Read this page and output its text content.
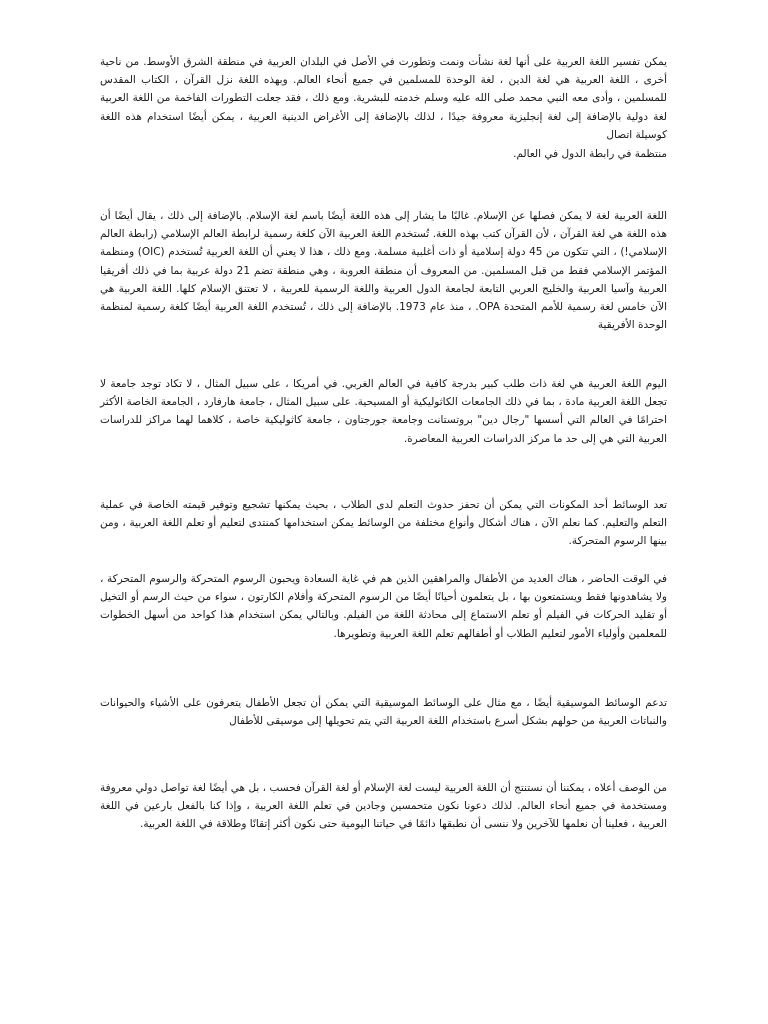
يمكن تفسير اللغة العربية على أنها لغة نشأت ونمت وتطورت في الأصل في البلدان العربية في منطقة الشرق الأوسط. من ناحية أخرى ، اللغة العربية هي لغة الدين ، لغة الوحدة للمسلمين في جميع أنحاء العالم. وبهذه اللغة نزل القرآن ، الكتاب المقدس للمسلمين ، وأدى معه النبي محمد صلى الله عليه وسلم خدمته للبشرية. ومع ذلك ، فقد جعلت التطورات الفاخمة من اللغة العربية لغة دولية بالإضافة إلى لغة إنجليزية معروفة جيدًا ، لذلك بالإضافة إلى الأغراض الدينية العربية ، يمكن أيضًا استخدام هذه اللغة كوسيلة اتصال

منتظمة في رابطة الدول في العالم.

اللغة العربية لغة لا يمكن فصلها عن الإسلام. غالبًا ما يشار إلى هذه اللغة أيضًا باسم لغة الإسلام. بالإضافة إلى ذلك ، يقال أيضًا أن هذه اللغة هي لغة القرآن ، لأن القرآن كتب بهذه اللغة. تُستخدم اللغة العربية الآن كلغة رسمية لرابطة العالم الإسلامي (رابطة العالم الإسلامي!) ، التي تتكون من 45 دولة إسلامية أو ذات أغلبية مسلمة. ومع ذلك ، هذا لا يعني أن اللغة العربية تُستخدم (OIC) ومنظمة المؤتمر الإسلامي فقط من قبل المسلمين. من المعروف أن منطقة العروبة ، وهي منطقة تضم 21 دولة عربية بما في ذلك أفريقيا العربية وآسيا العربية والخليج العربي التابعة لجامعة الدول العربية واللغة الرسمية للعربية ، لا تعتنق الإسلام كلها. اللغة العربية هي الآن خامس لغة رسمية للأمم المتحدة OPA. ، منذ عام 1973. بالإضافة إلى ذلك ، تُستخدم اللغة العربية أيضًا كلغة رسمية لمنظمة الوحدة الأفريقية

اليوم اللغة العربية هي لغة ذات طلب كبير بدرجة كافية في العالم الغربي. في أمريكا ، على سبيل المثال ، لا تكاد توجد جامعة لا تجعل اللغة العربية مادة ، بما في ذلك الجامعات الكاثوليكية أو المسيحية. على سبيل المثال ، جامعة هارفارد ، الجامعة الخاصة الأكثر احترامًا في العالم التي أسسها "رجال دين" بروتستانت وجامعة جورجتاون ، جامعة كاثوليكية خاصة ، كلاهما لهما مراكز للدراسات العربية التي هي إلى حد ما مركز الدراسات العربية المعاصرة.

تعد الوسائط أحد المكونات التي يمكن أن تحفز حدوث التعلم لدى الطلاب ، بحيث يمكنها تشجيع وتوفير قيمته الخاصة في عملية التعلم والتعليم. كما نعلم الآن ، هناك أشكال وأنواع مختلفة من الوسائط يمكن استخدامها كمنتدى لتعليم أو تعلم اللغة العربية ، ومن بينها الرسوم المتحركة.

في الوقت الحاضر ، هناك العديد من الأطفال والمراهقين الذين هم في غاية السعادة ويحبون الرسوم المتحركة والرسوم المتحركة ، ولا يشاهدونها فقط ويستمتعون بها ، بل يتعلمون أحيانًا أيضًا من الرسوم المتحركة وأفلام الكارتون ، سواء من حيث الرسم أو التخيل أو تقليد الحركات في الفيلم أو تعلم الاستماع إلى محادثة اللغة من الفيلم. وبالتالي يمكن استخدام هذا كواحد من أسهل الخطوات للمعلمين وأولياء الأمور لتعليم الطلاب أو أطفالهم تعلم اللغة العربية وتطويرها.

تدعم الوسائط الموسيقية أيضًا ، مع مثال على الوسائط الموسيقية التي يمكن أن تجعل الأطفال يتعرفون على الأشياء والحيوانات والنباتات العربية من حولهم بشكل أسرع باستخدام اللغة العربية التي يتم تحويلها إلى موسيقى للأطفال

من الوصف أعلاه ، يمكننا أن نستنتج أن اللغة العربية ليست لغة الإسلام أو لغة القرآن فحسب ، بل هي أيضًا لغة تواصل دولي معروفة ومستخدمة في جميع أنحاء العالم. لذلك دعونا نكون متحمسين وجادين في تعلم اللغة العربية ، وإذا كنا بالفعل بارعين في اللغة العربية ، فعلينا أن نعلمها للآخرين ولا ننسى أن نطبقها دائمًا في حياتنا اليومية حتى نكون أكثر إتقانًا وطلاقة في اللغة العربية.
